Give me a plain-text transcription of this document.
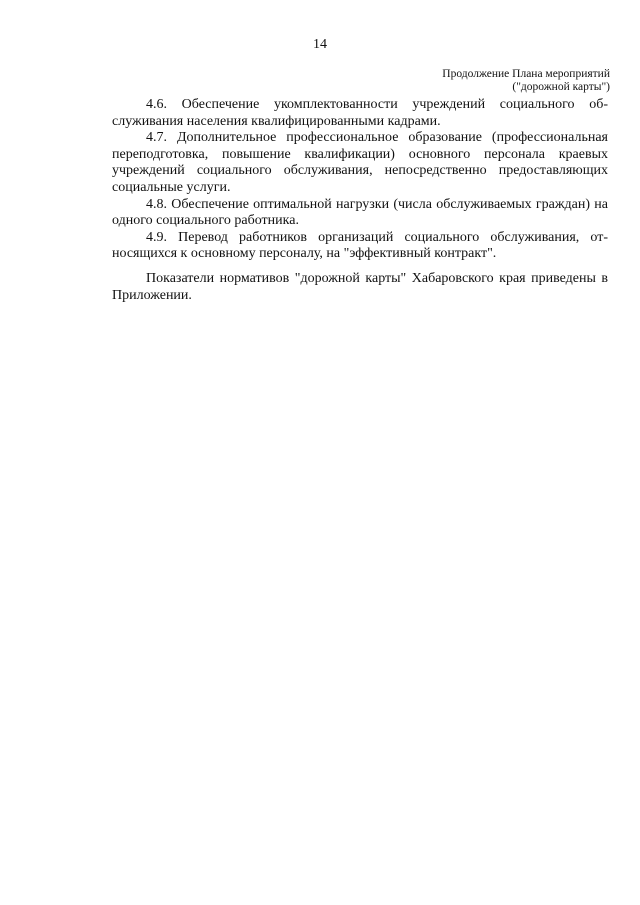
14
Продолжение Плана мероприятий
("дорожной карты")

4.6. Обеспечение укомплектованности учреждений социального обслуживания населения квалифицированными кадрами.

4.7. Дополнительное профессиональное образование (профессиональная переподготовка, повышение квалификации) основного персонала краевых учреждений социального обслуживания, непосредственно предоставляющих социальные услуги.

4.8. Обеспечение оптимальной нагрузки (числа обслуживаемых граждан) на одного социального работника.

4.9. Перевод работников организаций социального обслуживания, относящихся к основному персоналу, на "эффективный контракт".

Показатели нормативов "дорожной карты" Хабаровского края приведены в Приложении.
